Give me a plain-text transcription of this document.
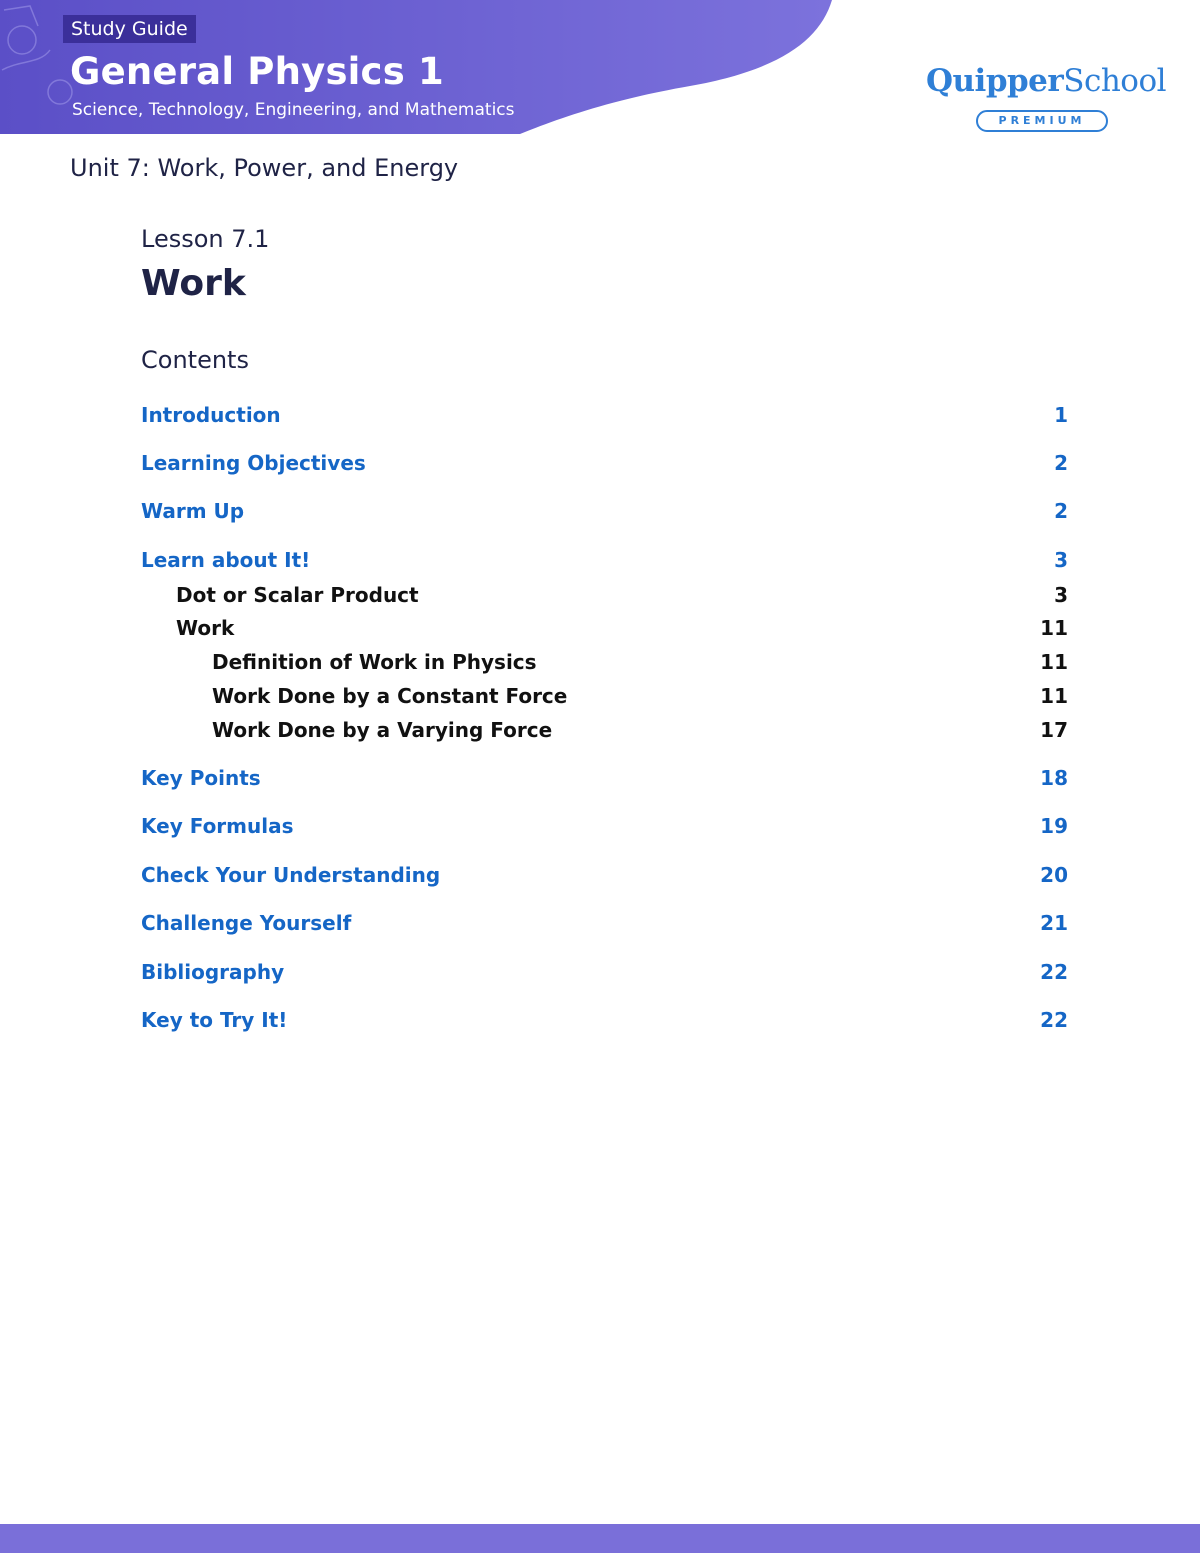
Study Guide
General Physics 1
Science, Technology, Engineering, and Mathematics
QuipperSchool
PREMIUM
Unit 7: Work, Power, and Energy
Lesson 7.1
Work
Contents
Introduction	1
Learning Objectives	2
Warm Up	2
Learn about It!	3
Dot or Scalar Product	3
Work	11
Definition of Work in Physics	11
Work Done by a Constant Force	11
Work Done by a Varying Force	17
Key Points	18
Key Formulas	19
Check Your Understanding	20
Challenge Yourself	21
Bibliography	22
Key to Try It!	22
